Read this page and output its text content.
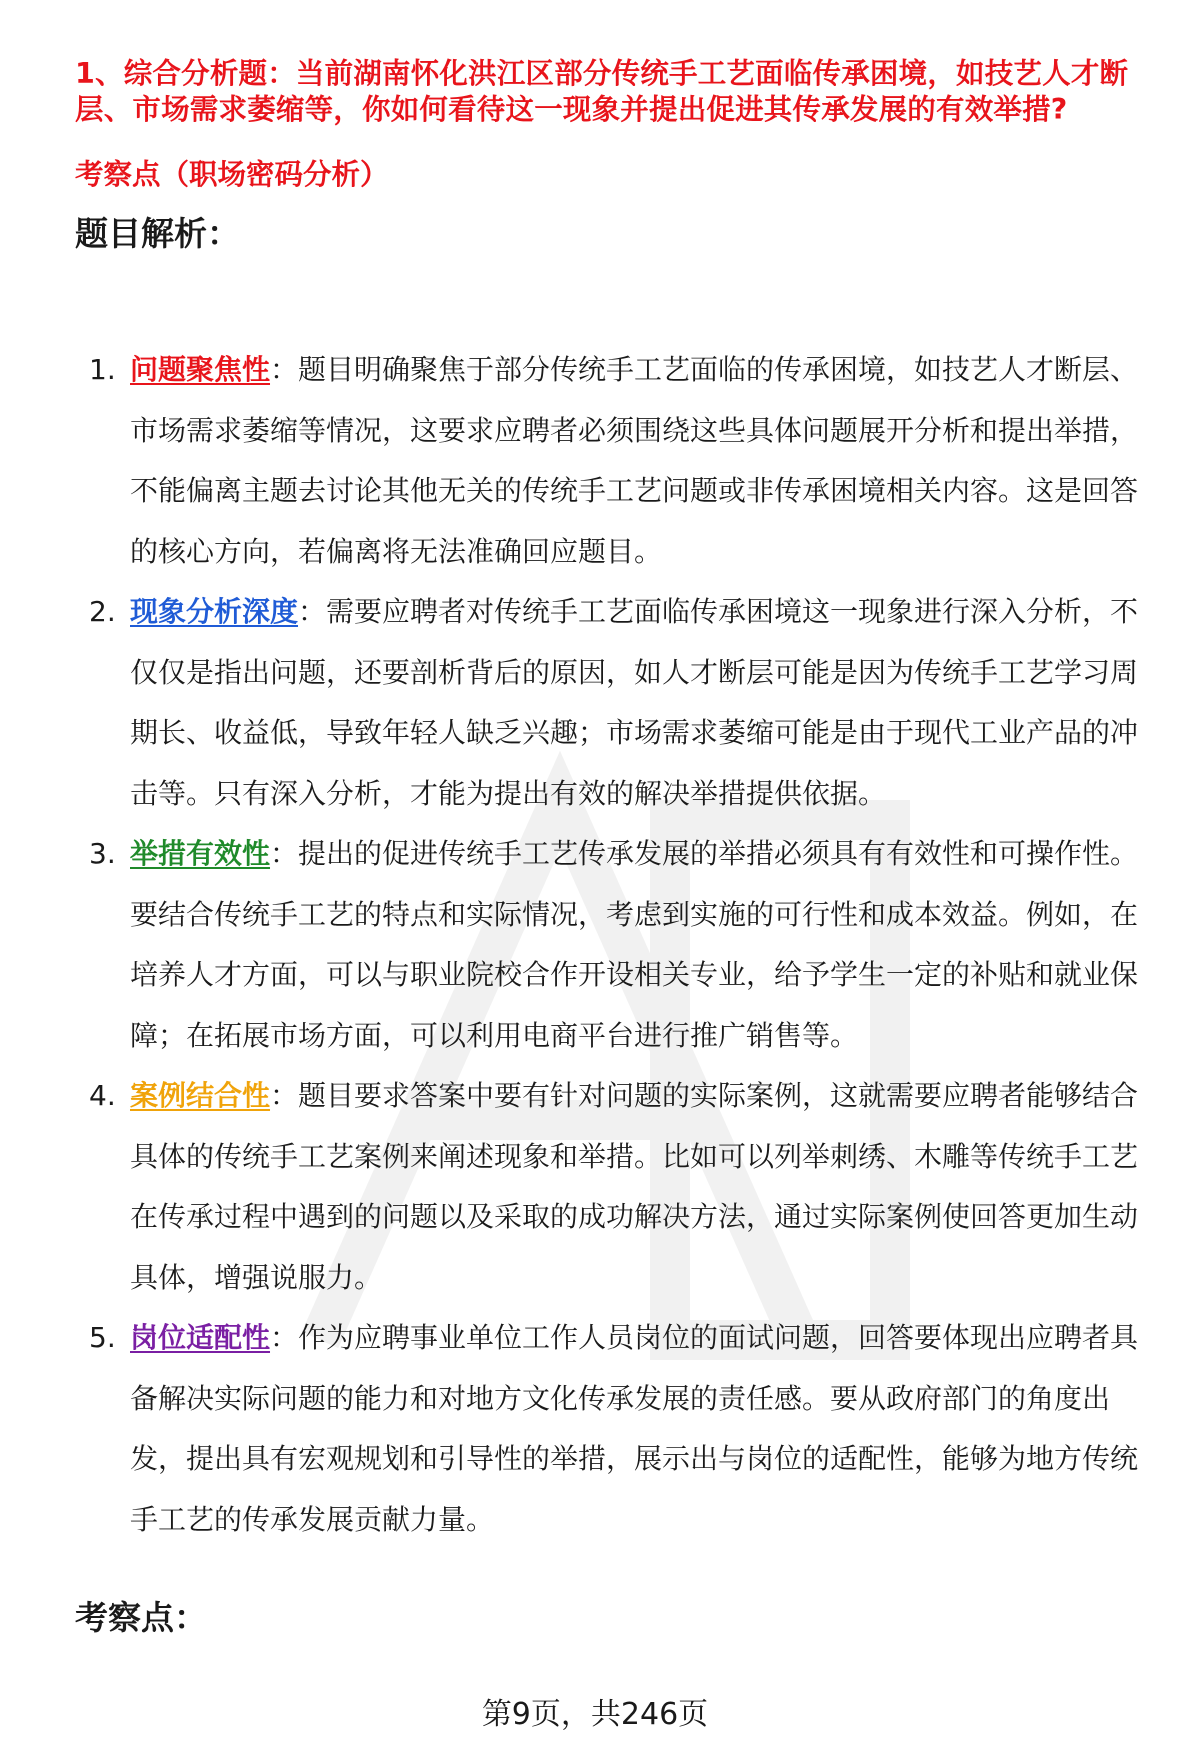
1、综合分析题：当前湖南怀化洪江区部分传统手工艺面临传承困境，如技艺人才断层、市场需求萎缩等，你如何看待这一现象并提出促进其传承发展的有效举措?
考察点（职场密码分析）
题目解析：
1. 问题聚焦性：题目明确聚焦于部分传统手工艺面临的传承困境，如技艺人才断层、市场需求萎缩等情况，这要求应聘者必须围绕这些具体问题展开分析和提出举措，不能偏离主题去讨论其他无关的传统手工艺问题或非传承困境相关内容。这是回答的核心方向，若偏离将无法准确回应题目。
2. 现象分析深度：需要应聘者对传统手工艺面临传承困境这一现象进行深入分析，不仅仅是指出问题，还要剖析背后的原因，如人才断层可能是因为传统手工艺学习周期长、收益低，导致年轻人缺乏兴趣；市场需求萎缩可能是由于现代工业产品的冲击等。只有深入分析，才能为提出有效的解决举措提供依据。
3. 举措有效性：提出的促进传统手工艺传承发展的举措必须具有有效性和可操作性。要结合传统手工艺的特点和实际情况，考虑到实施的可行性和成本效益。例如，在培养人才方面，可以与职业院校合作开设相关专业，给予学生一定的补贴和就业保障；在拓展市场方面，可以利用电商平台进行推广销售等。
4. 案例结合性：题目要求答案中要有针对问题的实际案例，这就需要应聘者能够结合具体的传统手工艺案例来阐述现象和举措。比如可以列举刺绣、木雕等传统手工艺在传承过程中遇到的问题以及采取的成功解决方法，通过实际案例使回答更加生动具体，增强说服力。
5. 岗位适配性：作为应聘事业单位工作人员岗位的面试问题，回答要体现出应聘者具备解决实际问题的能力和对地方文化传承发展的责任感。要从政府部门的角度出发，提出具有宏观规划和引导性的举措，展示出与岗位的适配性，能够为地方传统手工艺的传承发展贡献力量。
考察点：
第9页，共246页
